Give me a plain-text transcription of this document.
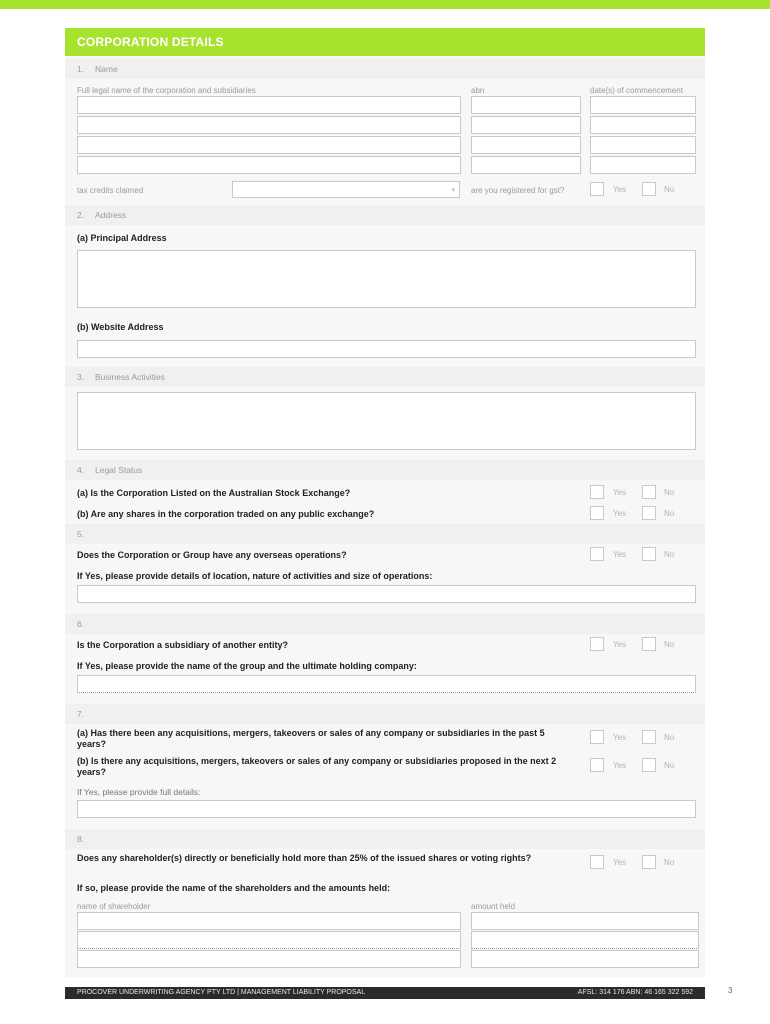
CORPORATION DETAILS
1. Name
Full legal name of the corporation and subsidiaries	abn	date(s) of commencement
tax credits claimed	▾ are you registered for gst?	Yes	No
2. Address
(a) Principal Address
(b) Website Address
3. Business Activities
4. Legal Status
(a) Is the Corporation Listed on the Australian Stock Exchange?	Yes	No
(b) Are any shares in the corporation traded on any public exchange?	Yes	No
5.
Does the Corporation or Group have any overseas operations?	Yes	No
If Yes, please provide details of location, nature of activities and size of operations:
6.
Is the Corporation a subsidiary of another entity?	Yes	No
If Yes, please provide the name of the group and the ultimate holding company:
7.
(a) Has there been any acquisitions, mergers, takeovers or sales of any company or subsidiaries in the past 5 years?
Yes	No
(b) Is there any acquisitions, mergers, takeovers or sales of any company or subsidiaries proposed in the next 2 years?
Yes	No
If Yes, please provide full details:
8.
Does any shareholder(s) directly or beneficially hold more than 25% of the issued shares or voting rights?	Yes	No
If so, please provide the name of the shareholders and the amounts held:
name of shareholder	amount held
PROCOVER UNDERWRITING AGENCY PTY LTD | MANAGEMENT LIABILITY PROPOSAL	AFSL: 314 176 ABN: 46 165 322 592	3
